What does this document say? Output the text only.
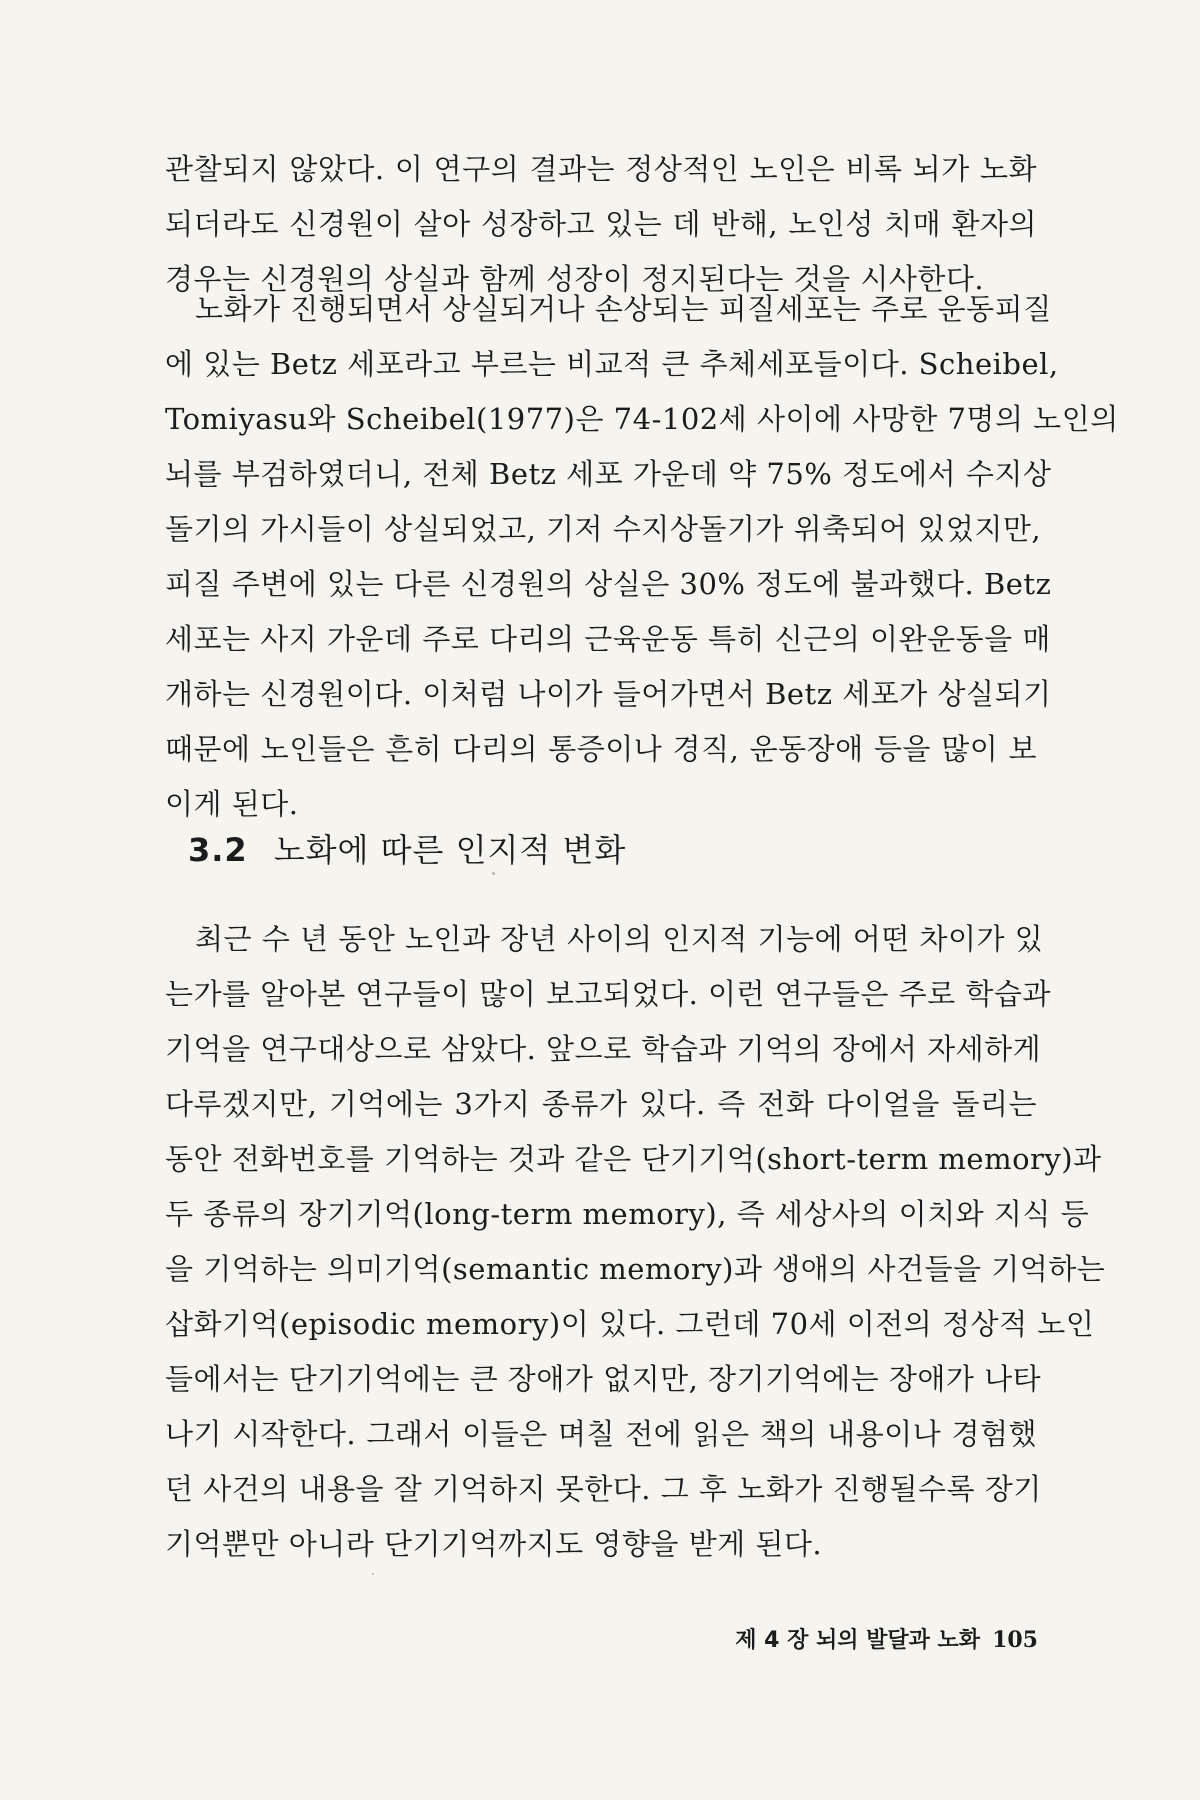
관찰되지 않았다. 이 연구의 결과는 정상적인 노인은 비록 뇌가 노화
되더라도 신경원이 살아 성장하고 있는 데 반해, 노인성 치매 환자의
경우는 신경원의 상실과 함께 성장이 정지된다는 것을 시사한다.
노화가 진행되면서 상실되거나 손상되는 피질세포는 주로 운동피질
에 있는 Betz 세포라고 부르는 비교적 큰 추체세포들이다. Scheibel,
Tomiyasu와 Scheibel(1977)은 74-102세 사이에 사망한 7명의 노인의
뇌를 부검하였더니, 전체 Betz 세포 가운데 약 75% 정도에서 수지상
돌기의 가시들이 상실되었고, 기저 수지상돌기가 위축되어 있었지만,
피질 주변에 있는 다른 신경원의 상실은 30% 정도에 불과했다. Betz
세포는 사지 가운데 주로 다리의 근육운동 특히 신근의 이완운동을 매
개하는 신경원이다. 이처럼 나이가 들어가면서 Betz 세포가 상실되기
때문에 노인들은 흔히 다리의 통증이나 경직, 운동장애 등을 많이 보
이게 된다.
3.2 노화에 따른 인지적 변화
최근 수 년 동안 노인과 장년 사이의 인지적 기능에 어떤 차이가 있
는가를 알아본 연구들이 많이 보고되었다. 이런 연구들은 주로 학습과
기억을 연구대상으로 삼았다. 앞으로 학습과 기억의 장에서 자세하게
다루겠지만, 기억에는 3가지 종류가 있다. 즉 전화 다이얼을 돌리는
동안 전화번호를 기억하는 것과 같은 단기기억(short-term memory)과
두 종류의 장기기억(long-term memory), 즉 세상사의 이치와 지식 등
을 기억하는 의미기억(semantic memory)과 생애의 사건들을 기억하는
삽화기억(episodic memory)이 있다. 그런데 70세 이전의 정상적 노인
들에서는 단기기억에는 큰 장애가 없지만, 장기기억에는 장애가 나타
나기 시작한다. 그래서 이들은 며칠 전에 읽은 책의 내용이나 경험했
던 사건의 내용을 잘 기억하지 못한다. 그 후 노화가 진행될수록 장기
기억뿐만 아니라 단기기억까지도 영향을 받게 된다.
제 4 장 뇌의 발달과 노화 105
